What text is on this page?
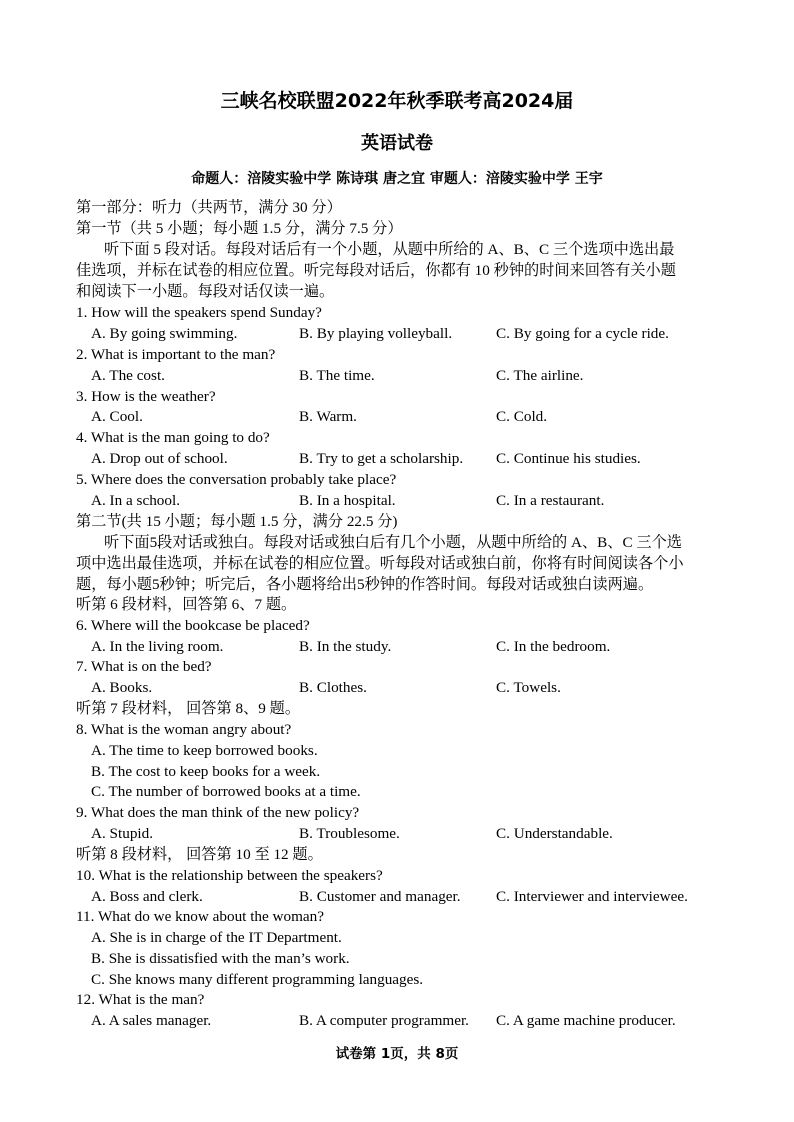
三峡名校联盟2022年秋季联考高2024届
英语试卷
命题人：涪陵实验中学 陈诗琪 唐之宜 审题人：涪陵实验中学 王宇
第一部分：听力（共两节，满分 30 分）
第一节（共 5 小题；每小题 1.5 分，满分 7.5 分）
听下面 5 段对话。每段对话后有一个小题，从题中所给的 A、B、C 三个选项中选出最
佳选项，并标在试卷的相应位置。听完每段对话后，你都有 10 秒钟的时间来回答有关小题
和阅读下一小题。每段对话仅读一遍。
1. How will the speakers spend Sunday?
A. By going swimming.	B. By playing volleyball.	C. By going for a cycle ride.
2. What is important to the man?
A. The cost.	B. The time.	C. The airline.
3. How is the weather?
A. Cool.	B. Warm.	C. Cold.
4. What is the man going to do?
A. Drop out of school.	B. Try to get a scholarship. C. Continue his studies.
5. Where does the conversation probably take place?
A. In a school.	B. In a hospital.	C. In a restaurant.
第二节(共 15 小题；每小题 1.5 分，满分 22.5 分)
听下面5段对话或独白。每段对话或独白后有几个小题，从题中所给的 A、B、C 三个选
项中选出最佳选项，并标在试卷的相应位置。听每段对话或独白前，你将有时间阅读各个小
题，每小题5秒钟；听完后，各小题将给出5秒钟的作答时间。每段对话或独白读两遍。
听第 6 段材料，回答第 6、7 题。
6. Where will the bookcase be placed?
A. In the living room.	B. In the study.	C. In the bedroom.
7. What is on the bed?
A. Books.	B. Clothes.	C. Towels.
听第 7 段材料， 回答第 8、9 题。
8. What is the woman angry about?
A. The time to keep borrowed books.
B. The cost to keep books for a week.
C. The number of borrowed books at a time.
9. What does the man think of the new policy?
A. Stupid.	B. Troublesome.	C. Understandable.
听第 8 段材料， 回答第 10 至 12 题。
10. What is the relationship between the speakers?
A. Boss and clerk.	B. Customer and manager. C. Interviewer and interviewee.
11. What do we know about the woman?
A. She is in charge of the IT Department.
B. She is dissatisfied with the man’s work.
C. She knows many different programming languages.
12. What is the man?
A. A sales manager.	B. A computer programmer. C. A game machine producer.
试卷第 1页，共 8页
